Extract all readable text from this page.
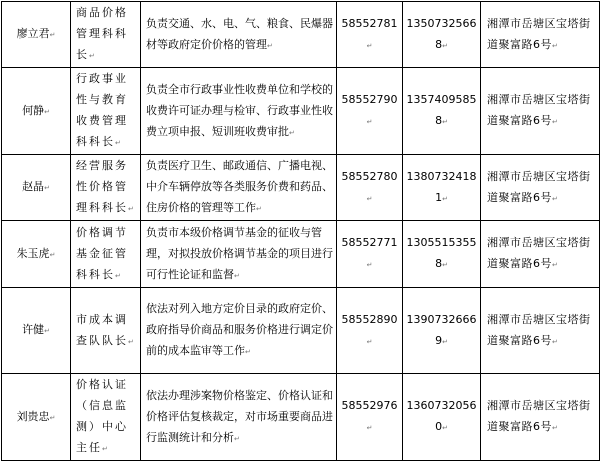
廖立君↵	商品价格管理科科长↵	负责交通、水、电、气、粮食、民爆器材等政府定价价格的管理↵	58552781↵	13507325668↵	湘潭市岳塘区宝塔街道聚富路6号↵
何静↵	行政事业性与教育收费管理科科长↵	负责全市行政事业性收费单位和学校的收费许可证办理与检审、行政事业性收费立项申报、短训班收费审批↵	58552790↵	13574095858↵	湘潭市岳塘区宝塔街道聚富路6号↵
赵晶↵	经营服务性价格管理科科长↵	负责医疗卫生、邮政通信、广播电视、中介车辆停放等各类服务价费和药品、住房价格的管理等工作↵	58552780↵	13807324181↵	湘潭市岳塘区宝塔街道聚富路6号↵
朱玉虎↵	价格调节基金征管科科长↵	负责市本级价格调节基金的征收与管理，对拟投放价格调节基金的项目进行可行性论证和监督↵	58552771↵	13055153558↵	湘潭市岳塘区宝塔街道聚富路6号↵
许健↵	市成本调查队队长↵	依法对列入地方定价目录的政府定价、政府指导价商品和服务价格进行调定价前的成本监审等工作↵	58552890↵	13907326669↵	湘潭市岳塘区宝塔街道聚富路6号↵
刘贵忠↵	价格认证（信息监测）中心主任↵	依法办理涉案物价格鉴定、价格认证和价格评估复核裁定，对市场重要商品进行监测统计和分析↵	58552976↵	13607320560↵	湘潭市岳塘区宝塔街道聚富路6号↵
